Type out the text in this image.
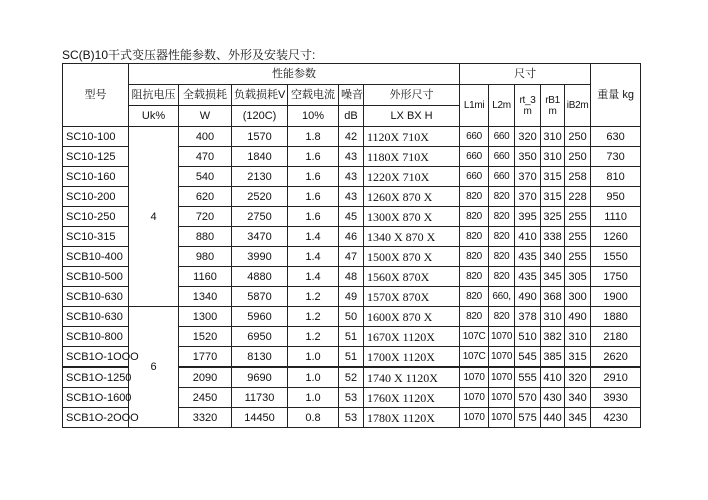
SC(B)10干式变压器性能参数、外形及安装尺寸:
型号	性能参数						尺寸					重量 kg
	阻抗电压	全载损耗	负载损耗V	空载电流	噪音	外形尺寸	L1mi	L2m	rt_3 m	rB1 m	iB2m	
	Uk%	W	(120C)	10%	dB	LX BX H						
SC10-100	4	400	1570	1.8	42	1120X 710X	660	660	320	310	250	630
SC10-125		470	1840	1.6	43	1180X 710X	660	660	350	310	250	730
SC10-160		540	2130	1.6	43	1220X 710X	660	660	370	315	258	810
SC10-200		620	2520	1.6	43	1260X 870 X	820	820	370	315	228	950
SC10-250		720	2750	1.6	45	1300X 870 X	820	820	395	325	255	1110
SC10-315		880	3470	1.4	46	1340 X 870 X	820	820	410	338	255	1260
SCB10-400		980	3990	1.4	47	1500X 870 X	820	820	435	340	255	1550
SCB10-500		1160	4880	1.4	48	1560X 870X	820	820	435	345	305	1750
SCB10-630		1340	5870	1.2	49	1570X 870X	820	660,	490	368	300	1900
SCB10-630	6	1300	5960	1.2	50	1600X 870 X	820	820	378	310	490	1880
SCB10-800		1520	6950	1.2	51	1670X 1120X	107C	1070	510	382	310	2180
SCB1O-1OOO		1770	8130	1.0	51	1700X 1120X	107C	1070	545	385	315	2620
SCB1O-1250		2090	9690	1.0	52	1740 X 1120X	1070	1070	555	410	320	2910
SCB1O-1600		2450	11730	1.0	53	1760X 1120X	1070	1070	570	430	340	3930
SCB1O-2OOO		3320	14450	0.8	53	1780X 1120X	1070	1070	575	440	345	4230
